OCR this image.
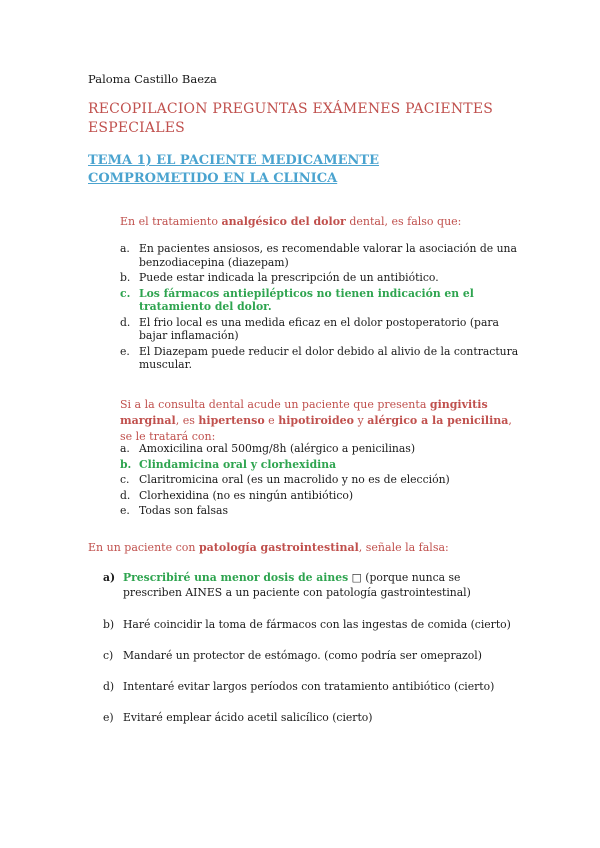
Paloma Castillo Baeza
RECOPILACION PREGUNTAS EXÁMENES PACIENTES ESPECIALES
TEMA 1) EL PACIENTE MEDICAMENTE COMPROMETIDO EN LA CLINICA
En el tratamiento analgésico del dolor dental, es falso que:
a. En pacientes ansiosos, es recomendable valorar la asociación de una benzodiacepina (diazepam)
b. Puede estar indicada la prescripción de un antibiótico.
c. Los fármacos antiepilépticos no tienen indicación en el tratamiento del dolor.
d. El frio local es una medida eficaz en el dolor postoperatorio (para bajar inflamación)
e. El Diazepam puede reducir el dolor debido al alivio de la contractura muscular.
Si a la consulta dental acude un paciente que presenta gingivitis marginal, es hipertenso e hipotiroideo y alérgico a la penicilina, se le tratará con:
a. Amoxicilina oral 500mg/8h (alérgico a penicilinas)
b. Clindamicina oral y clorhexidina
c. Claritromicina oral (es un macrolido y no es de elección)
d. Clorhexidina (no es ningún antibiótico)
e. Todas son falsas
En un paciente con patología gastrointestinal, señale la falsa:
a) Prescribiré una menor dosis de aines □ (porque nunca se prescriben AINES a un paciente con patología gastrointestinal)
b) Haré coincidir la toma de fármacos con las ingestas de comida (cierto)
c) Mandaré un protector de estómago. (como podría ser omeprazol)
d) Intentaré evitar largos períodos con tratamiento antibiótico (cierto)
e) Evitaré emplear ácido acetil salicílico (cierto)
